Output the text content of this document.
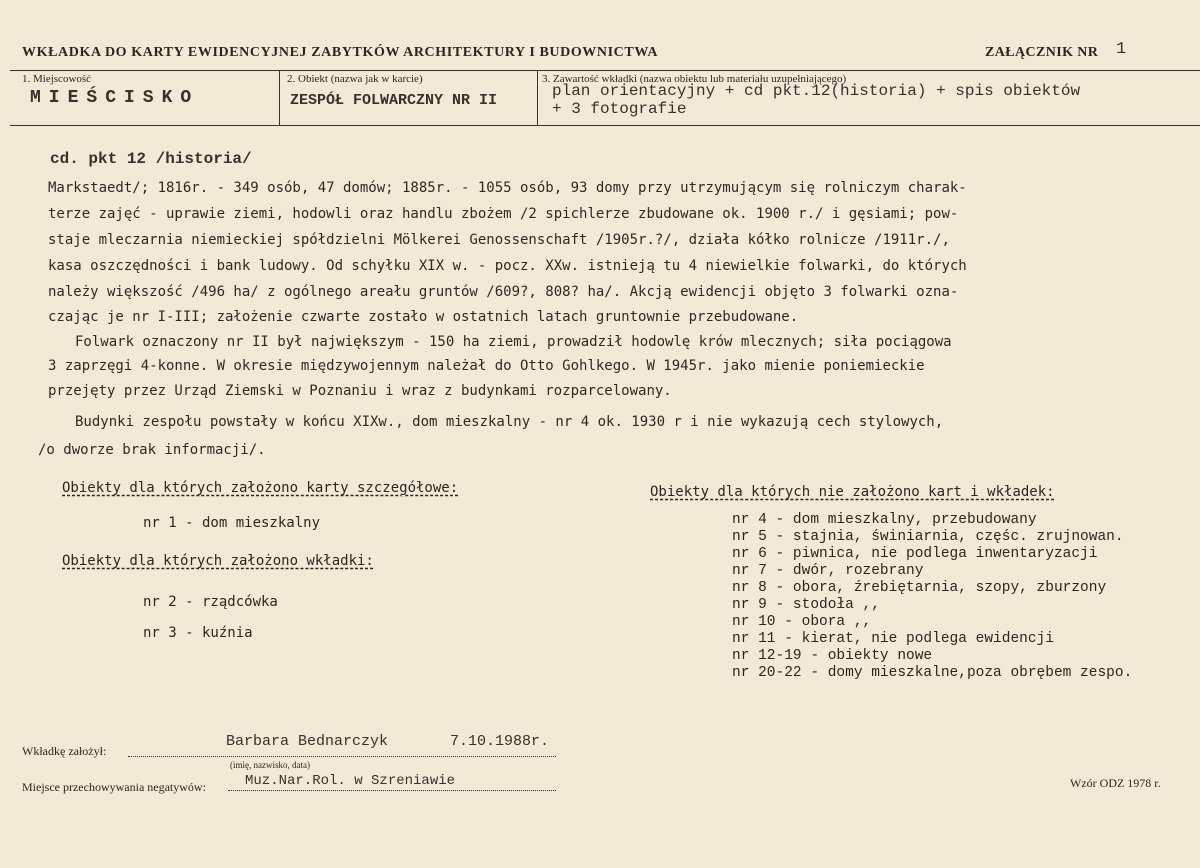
WKŁADKA DO KARTY EWIDENCYJNEJ ZABYTKÓW ARCHITEKTURY I BUDOWNICTWA	ZAŁĄCZNIK NR 1
1. Miejscowość
MIEŚCISKO
2. Obiekt (nazwa jak w karcie)
ZESPÓŁ FOLWARCZNY NR II
3. Zawartość wkładki (nazwa obiektu lub materiału uzupełniającego)
plan orientacyjny + cd pkt.12(historia) + spis obiektów
+ 3 fotografie
cd. pkt 12 /historia/
Markstaedt/; 1816r. - 349 osób, 47 domów; 1885r. - 1055 osób, 93 domy przy utrzymującym się rolniczym charak-
terze zajęć - uprawie ziemi, hodowli oraz handlu zbożem /2 spichlerze zbudowane ok. 1900 r./ i gęsiami; pow-
staje mleczarnia niemieckiej spółdzielni Mölkerei Genossenschaft /1905r.?/, działa kółko rolnicze /1911r./,
kasa oszczędności i bank ludowy. Od schyłku XIX w. - pocz. XXw. istnieją tu 4 niewielkie folwarki, do których
należy większość /496 ha/ z ogólnego areału gruntów /609?, 808? ha/. Akcją ewidencji objęto 3 folwarki ozna-
czając je nr I-III; założenie czwarte zostało w ostatnich latach gruntownie przebudowane.
Folwark oznaczony nr II był największym - 150 ha ziemi, prowadził hodowlę krów mlecznych; siła pociągowa
3 zaprzęgi 4-konne. W okresie międzywojennym należał do Otto Gohlkego. W 1945r. jako mienie poniemieckie
przejęty przez Urząd Ziemski w Poznaniu i wraz z budynkami rozparcelowany.
Budynki zespołu powstały w końcu XIXw., dom mieszkalny - nr 4 ok. 1930 r i nie wykazują cech stylowych,
/o dworze brak informacji/.
Obiekty dla których założono karty szczegółowe:
nr 1 - dom mieszkalny
Obiekty dla których założono wkładki:
nr 2 - rządcówka
nr 3 - kuźnia
Obiekty dla których nie założono kart i wkładek:
nr 4 - dom mieszkalny, przebudowany
nr 5 - stajnia, świniarnia, częśc. zrujnowan.
nr 6 - piwnica, nie podlega inwentaryzacji
nr 7 - dwór, rozebrany
nr 8 - obora, źrebiętarnia, szopy, zburzony
nr 9 - stodoła ,,
nr 10 - obora ,,
nr 11 - kierat, nie podlega ewidencji
nr 12-19 - obiekty nowe
nr 20-22 - domy mieszkalne,poza obrębem zespo.
Wkładkę założył:
Barbara Bednarczyk	7.10.1988r.
(imię, nazwisko, data)
Miejsce przechowywania negatywów:	Muz.Nar.Rol. w Szreniawie	Wzór ODZ 1978 r.
